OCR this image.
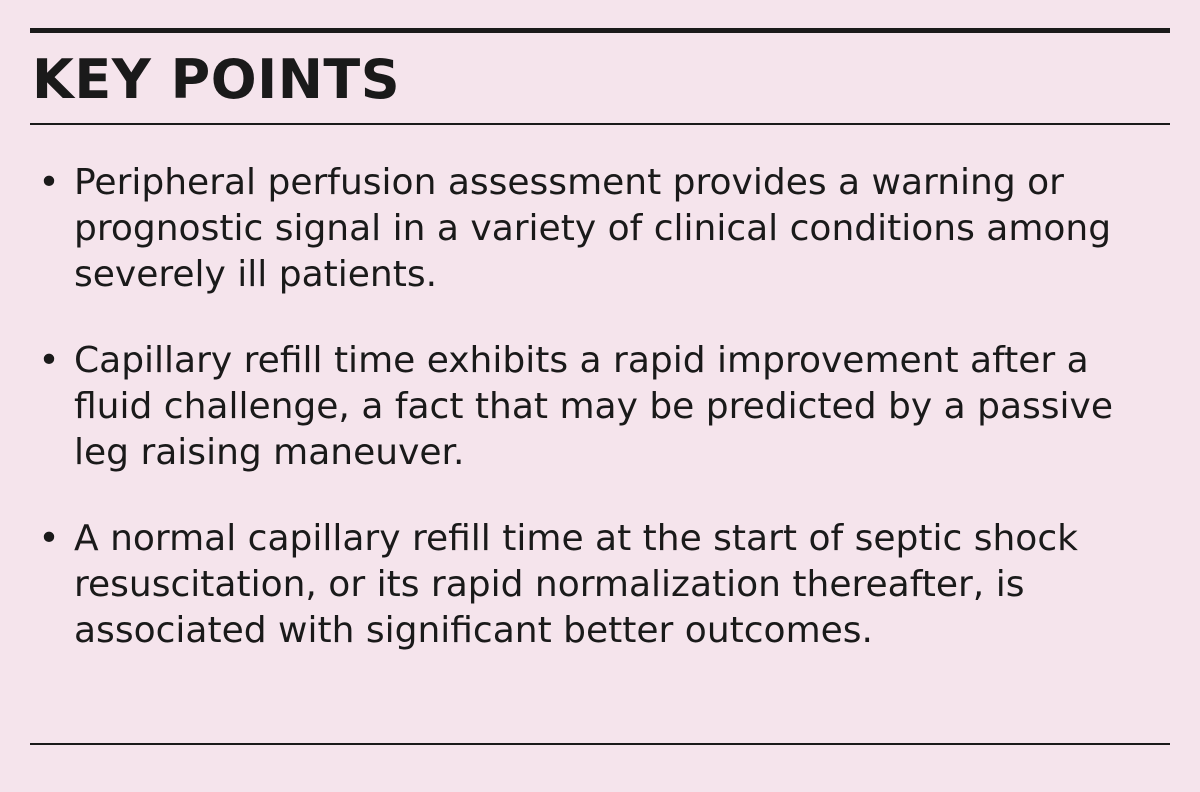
KEY POINTS
• Peripheral perfusion assessment provides a warning or prognostic signal in a variety of clinical conditions among severely ill patients.
• Capillary refill time exhibits a rapid improvement after a fluid challenge, a fact that may be predicted by a passive leg raising maneuver.
• A normal capillary refill time at the start of septic shock resuscitation, or its rapid normalization thereafter, is associated with significant better outcomes.
